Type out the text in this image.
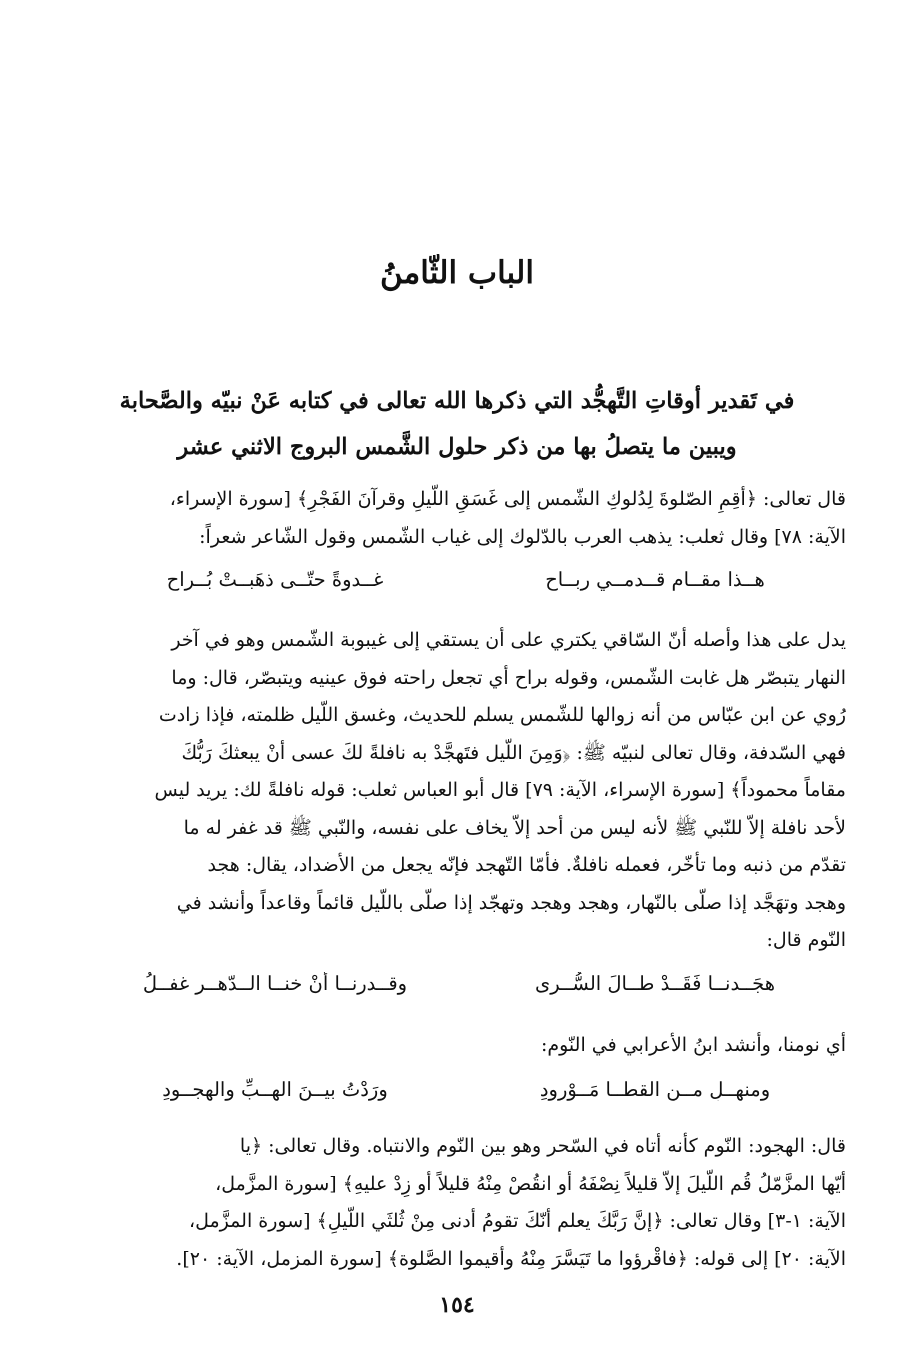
الباب الثّامنُ
في تَقدير أوقاتِ التَّهجُّد التي ذكرها الله تعالى في كتابه عَنْ نبيّه والصَّحابة
ويبين ما يتصلُ بها من ذكر حلول الشَّمس البروج الاثني عشر
قال تعالى: ﴿أقِمِ الصّلوةَ لِدُلوكِ الشّمس إلى غَسَقِ اللّيلِ وقرآنَ الفَجْرِ﴾ [سورة الإسراء،
الآية: ٧٨] وقال ثعلب: يذهب العرب بالدّلوك إلى غياب الشّمس وقول الشّاعر شعراً:
هــذا مقــام قــدمــي ربــاح
غــدوةً حتّــى ذهَبــتْ بُــراح
يدل على هذا وأصله أنّ السّاقي يكتري على أن يستقي إلى غيبوبة الشّمس وهو في آخر
النهار يتبصّر هل غابت الشّمس، وقوله براح أي تجعل راحته فوق عينيه ويتبصّر، قال: وما
رُوي عن ابن عبّاس من أنه زوالها للشّمس يسلم للحديث، وغسق اللّيل ظلمته، فإذا زادت
فهي السّدفة، وقال تعالى لنبيّه ﷺ: ﴿وَمِنَ اللّيل فتَهجَّدْ به نافلةً لكَ عسى أنْ يبعثكَ رَبُّكَ
مقاماً محموداً﴾ [سورة الإسراء، الآية: ٧٩] قال أبو العباس ثعلب: قوله نافلةً لك: يريد ليس
لأحد نافلة إلاّ للنّبي ﷺ لأنه ليس من أحد إلاّ يخاف على نفسه، والنّبي ﷺ قد غفر له ما
تقدّم من ذنبه وما تأخّر، فعمله نافلةٌ. فأمّا التّهجد فإنّه يجعل من الأضداد، يقال: هجد
وهجد وتهَجَّد إذا صلّى بالنّهار، وهجد وهجد وتهجّد إذا صلّى باللّيل قائماً وقاعداً وأنشد في
النّوم قال:
هجَــدنــا فَقَــدْ طــالَ السُّــرى
وقــدرنــا أنْ خنــا الــدّهــرِ غفــلُ
أي نومنا، وأنشد ابنُ الأعرابي في النّوم:
ومنهــلٍ مــن القطــا مَــوْرودِ
ورَدْتُ بيــنَ الهــبِّ والهجــودِ
قال: الهجود: النّوم كأنه أتاه في السّحر وهو بين النّوم والانتباه. وقال تعالى: ﴿يا
أيّها المزَّمّلُ قُم اللّيلَ إلاّ قليلاً نِصْفَهُ أو انقُصْ مِنْهُ قليلاً أو زِدْ عليهِ﴾ [سورة المزَّمل،
الآية: ١-٣] وقال تعالى: ﴿إنَّ رَبَّكَ يعلم أنّكَ تقومُ أدنى مِنْ ثُلثَي اللّيلِ﴾ [سورة المزَّمل،
الآية: ٢٠] إلى قوله: ﴿فاقْرؤوا ما تَيَسَّرَ مِنْهُ وأقيموا الصَّلوة﴾ [سورة المزمل، الآية: ٢٠].
١٥٤
